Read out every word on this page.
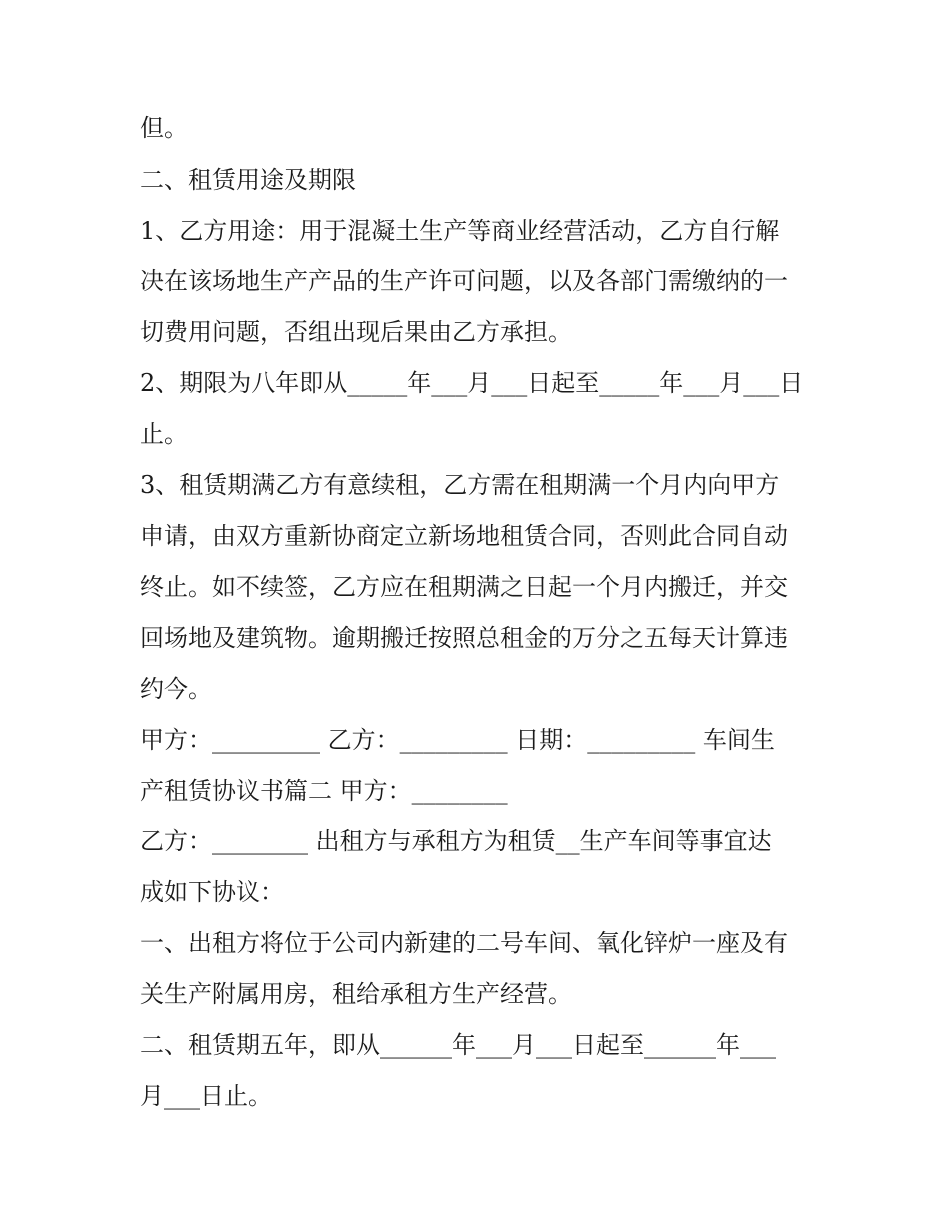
但。
二、租赁用途及期限
1、乙方用途：用于混凝土生产等商业经营活动，乙方自行解
决在该场地生产产品的生产许可问题，以及各部门需缴纳的一
切费用问题，否组出现后果由乙方承担。
2、期限为八年即从_____年___月___日起至_____年___月___日
止。
3、租赁期满乙方有意续租，乙方需在租期满一个月内向甲方
申请，由双方重新协商定立新场地租赁合同，否则此合同自动
终止。如不续签，乙方应在租期满之日起一个月内搬迁，并交
回场地及建筑物。逾期搬迁按照总租金的万分之五每天计算违
约今。
甲方：_________ 乙方：_________ 日期：_________ 车间生
产租赁协议书篇二 甲方：________
乙方：________ 出租方与承租方为租赁__生产车间等事宜达
成如下协议：
一、出租方将位于公司内新建的二号车间、氧化锌炉一座及有
关生产附属用房，租给承租方生产经营。
二、租赁期五年，即从______年___月___日起至______年___
月___日止。
